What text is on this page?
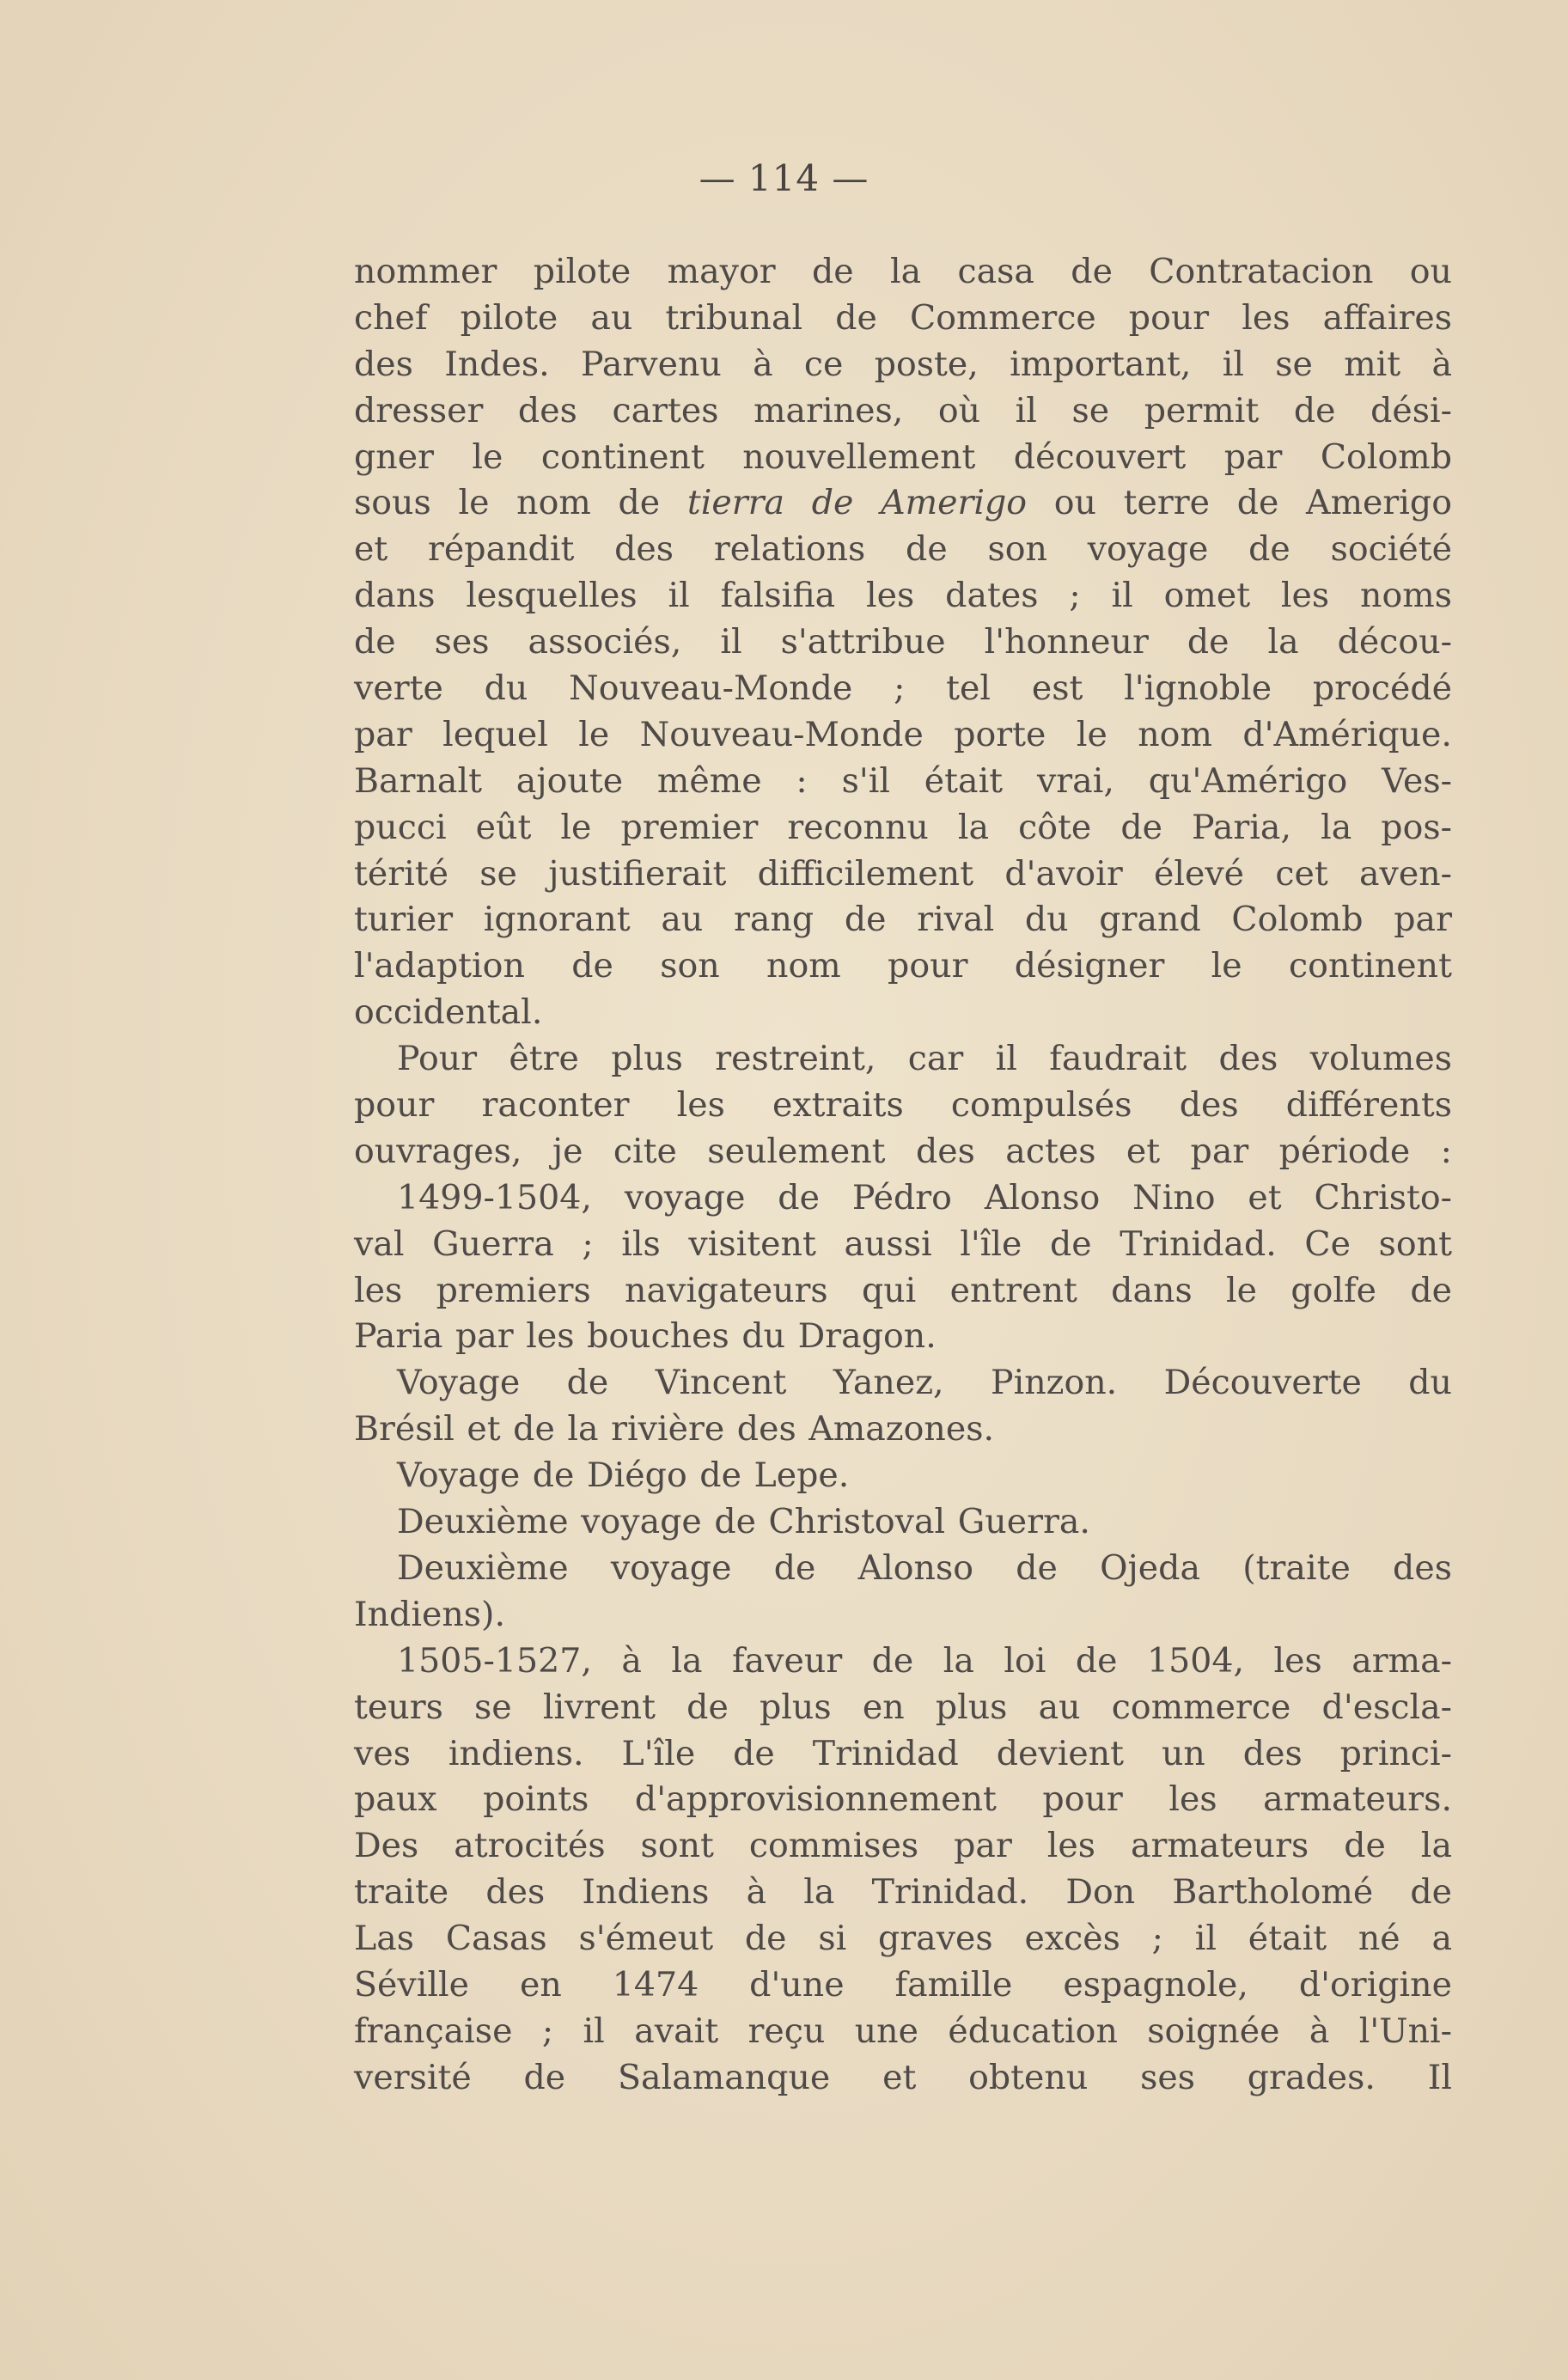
— 114 —
nommer pilote mayor de la casa de Contratacion ou
chef pilote au tribunal de Commerce pour les affaires
des Indes. Parvenu à ce poste, important, il se mit à
dresser des cartes marines, où il se permit de dési-
gner le continent nouvellement découvert par Colomb
sous le nom de tierra de Amerigo ou terre de Amerigo
et répandit des relations de son voyage de société
dans lesquelles il falsifia les dates ; il omet les noms
de ses associés, il s'attribue l'honneur de la décou-
verte du Nouveau-Monde ; tel est l'ignoble procédé
par lequel le Nouveau-Monde porte le nom d'Amérique.
Barnalt ajoute même : s'il était vrai, qu'Amérigo Ves-
pucci eût le premier reconnu la côte de Paria, la pos-
térité se justifierait difficilement d'avoir élevé cet aven-
turier ignorant au rang de rival du grand Colomb par
l'adaption de son nom pour désigner le continent
occidental.
Pour être plus restreint, car il faudrait des volumes
pour raconter les extraits compulsés des différents
ouvrages, je cite seulement des actes et par période :
1499-1504, voyage de Pédro Alonso Nino et Christo-
val Guerra ; ils visitent aussi l'île de Trinidad. Ce sont
les premiers navigateurs qui entrent dans le golfe de
Paria par les bouches du Dragon.
Voyage de Vincent Yanez, Pinzon. Découverte du
Brésil et de la rivière des Amazones.
Voyage de Diégo de Lepe.
Deuxième voyage de Christoval Guerra.
Deuxième voyage de Alonso de Ojeda (traite des
Indiens).
1505-1527, à la faveur de la loi de 1504, les arma-
teurs se livrent de plus en plus au commerce d'escla-
ves indiens. L'île de Trinidad devient un des princi-
paux points d'approvisionnement pour les armateurs.
Des atrocités sont commises par les armateurs de la
traite des Indiens à la Trinidad. Don Bartholomé de
Las Casas s'émeut de si graves excès ; il était né a
Séville en 1474 d'une famille espagnole, d'origine
française ; il avait reçu une éducation soignée à l'Uni-
versité de Salamanque et obtenu ses grades. Il
